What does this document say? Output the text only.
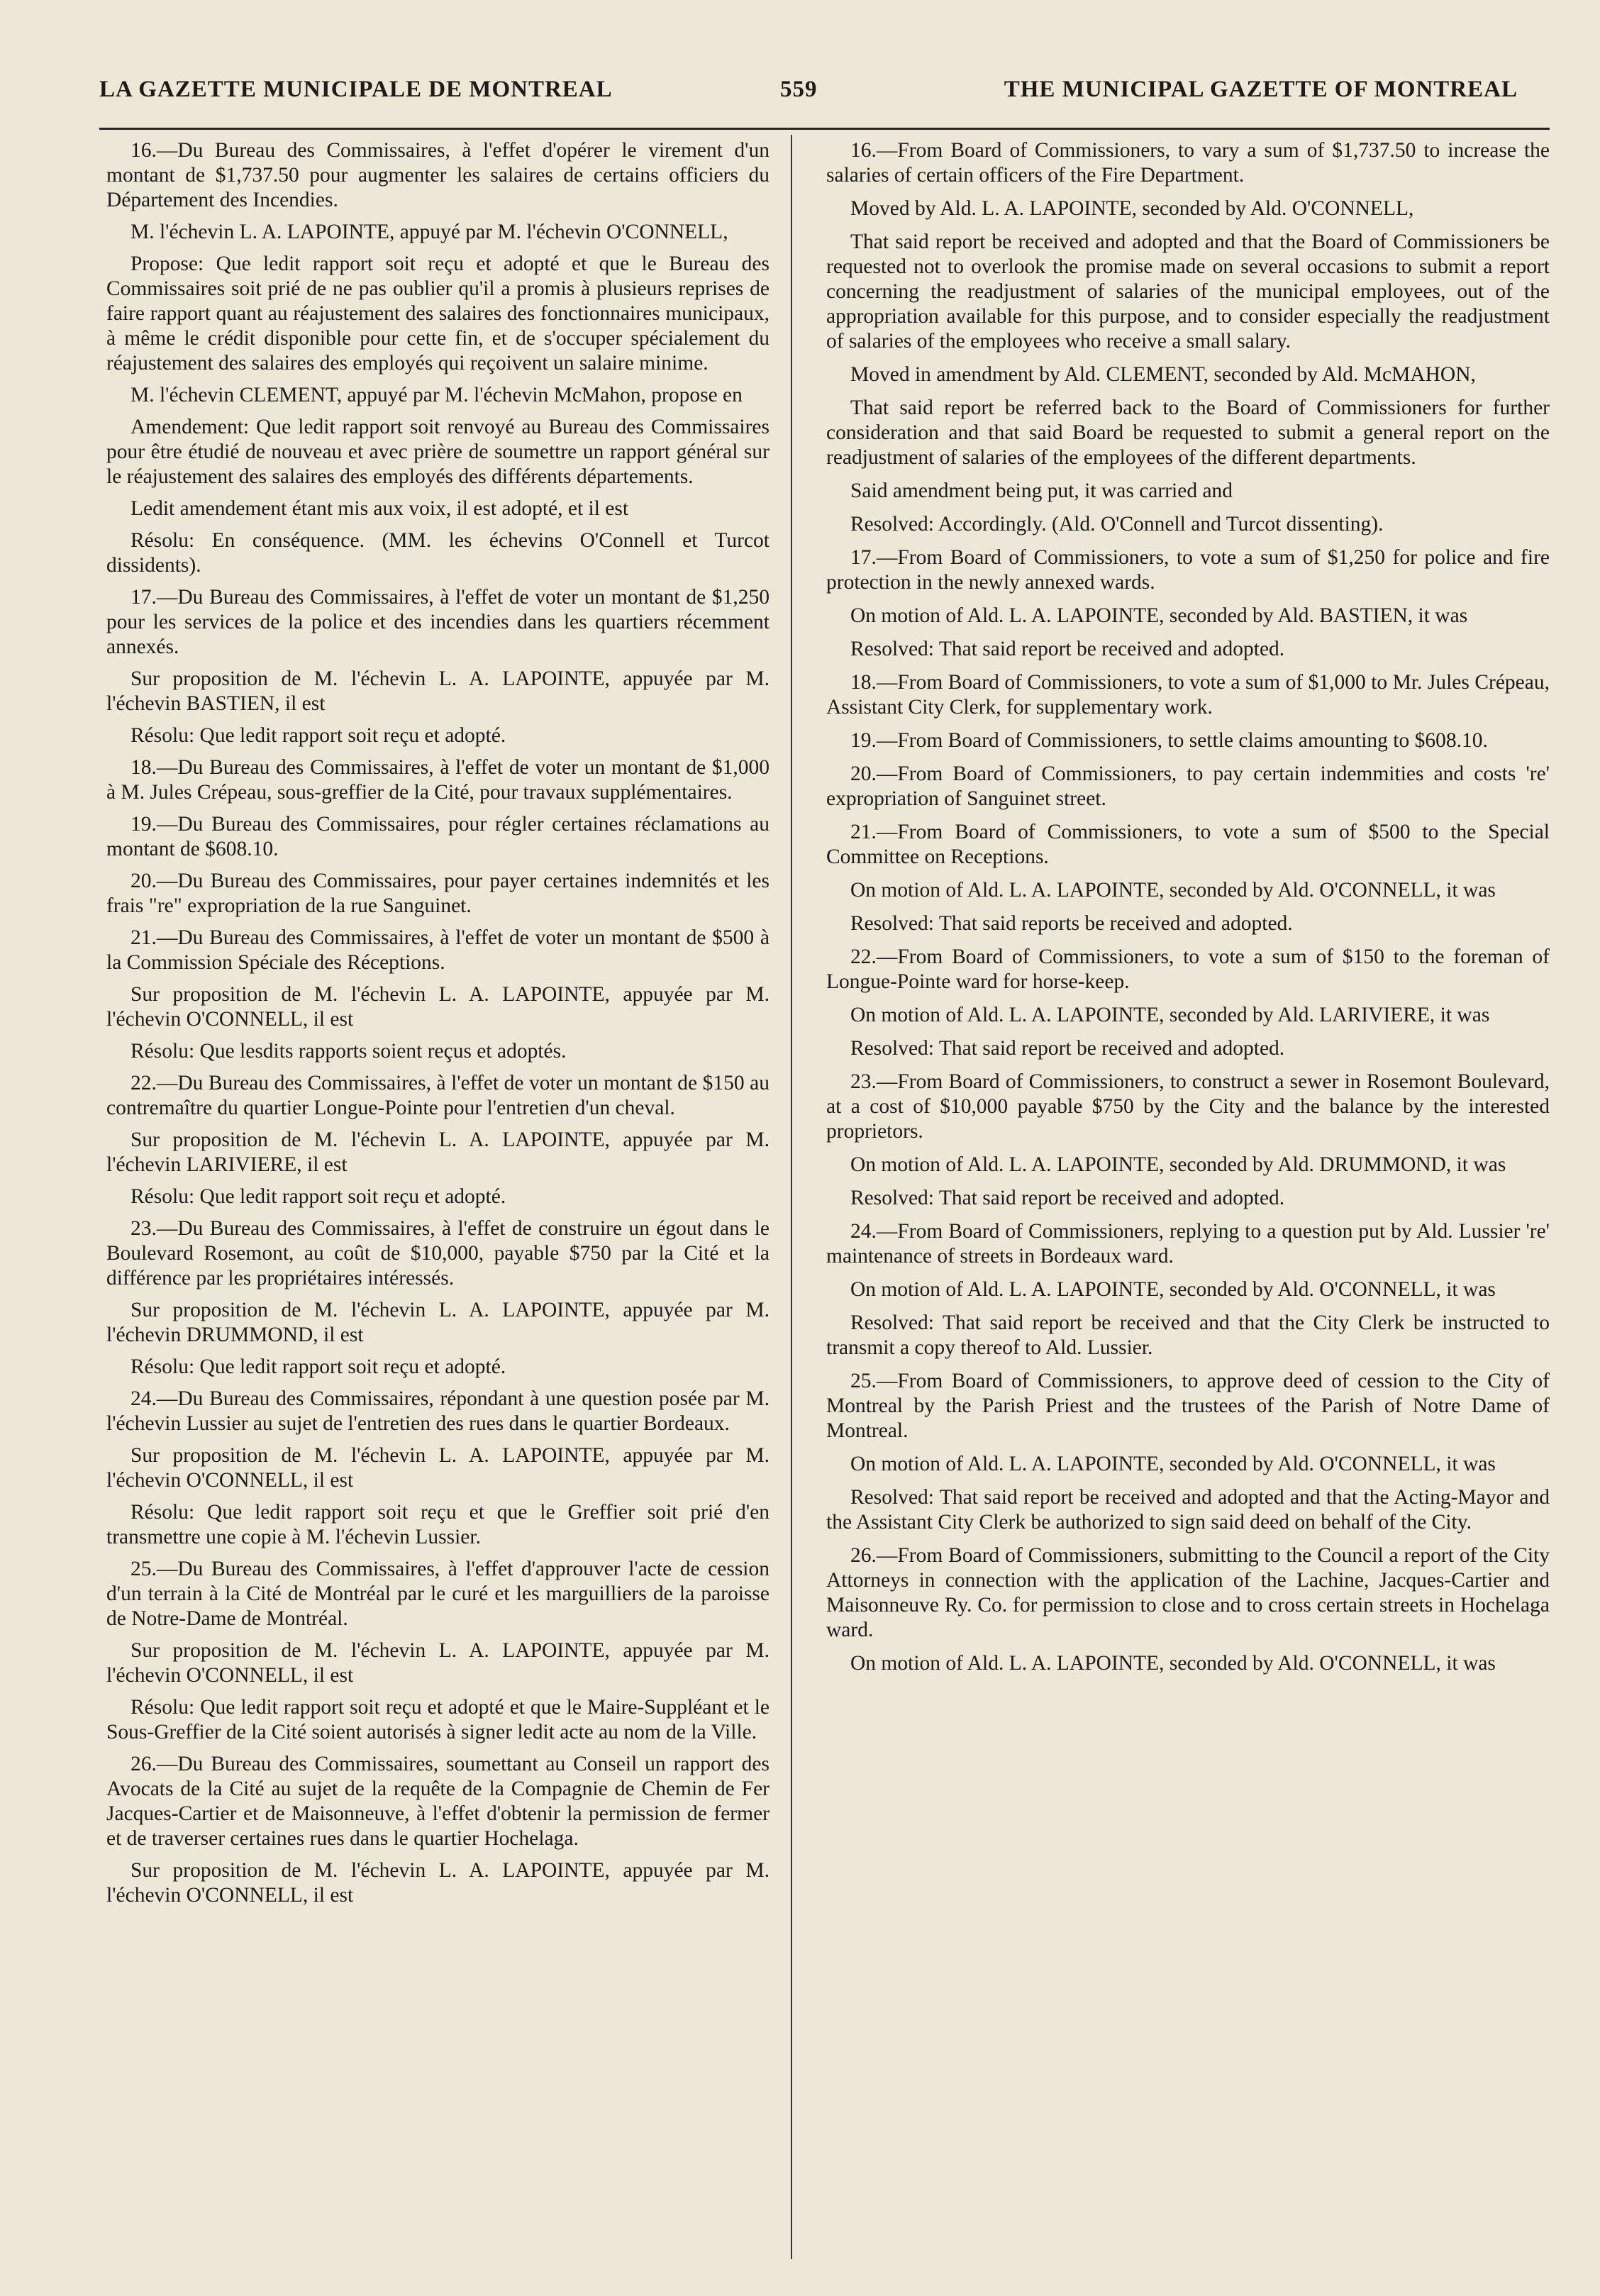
LA GAZETTE MUNICIPALE DE MONTREAL	559	THE MUNICIPAL GAZETTE OF MONTREAL

16.—Du Bureau des Commissaires, à l'effet d'opérer le virement d'un montant de $1,737.50 pour augmenter les salaires de certains officiers du Département des Incendies.

M. l'échevin L. A. LAPOINTE, appuyé par M. l'échevin O'CONNELL,

Propose: Que ledit rapport soit reçu et adopté et que le Bureau des Commissaires soit prié de ne pas oublier qu'il a promis à plusieurs reprises de faire rapport quant au réajustement des salaires des fonctionnaires municipaux, à même le crédit disponible pour cette fin, et de s'occuper spécialement du réajustement des salaires des employés qui reçoivent un salaire minime.

M. l'échevin CLEMENT, appuyé par M. l'échevin McMahon, propose en

Amendement: Que ledit rapport soit renvoyé au Bureau des Commissaires pour être étudié de nouveau et avec prière de soumettre un rapport général sur le réajustement des salaires des employés des différents départements.

Ledit amendement étant mis aux voix, il est adopté, et il est

Résolu: En conséquence. (MM. les échevins O'Connell et Turcot dissidents).

17.—Du Bureau des Commissaires, à l'effet de voter un montant de $1,250 pour les services de la police et des incendies dans les quartiers récemment annexés.

Sur proposition de M. l'échevin L. A. LAPOINTE, appuyée par M. l'échevin BASTIEN, il est

Résolu: Que ledit rapport soit reçu et adopté.

18.—Du Bureau des Commissaires, à l'effet de voter un montant de $1,000 à M. Jules Crépeau, sous-greffier de la Cité, pour travaux supplémentaires.

19.—Du Bureau des Commissaires, pour régler certaines réclamations au montant de $608.10.

20.—Du Bureau des Commissaires, pour payer certaines indemnités et les frais "re" expropriation de la rue Sanguinet.

21.—Du Bureau des Commissaires, à l'effet de voter un montant de $500 à la Commission Spéciale des Réceptions.

Sur proposition de M. l'échevin L. A. LAPOINTE, appuyée par M. l'échevin O'CONNELL, il est

Résolu: Que lesdits rapports soient reçus et adoptés.

22.—Du Bureau des Commissaires, à l'effet de voter un montant de $150 au contremaître du quartier Longue-Pointe pour l'entretien d'un cheval.

Sur proposition de M. l'échevin L. A. LAPOINTE, appuyée par M. l'échevin LARIVIERE, il est

Résolu: Que ledit rapport soit reçu et adopté.

23.—Du Bureau des Commissaires, à l'effet de construire un égout dans le Boulevard Rosemont, au coût de $10,000, payable $750 par la Cité et la différence par les propriétaires intéressés.

Sur proposition de M. l'échevin L. A. LAPOINTE, appuyée par M. l'échevin DRUMMOND, il est

Résolu: Que ledit rapport soit reçu et adopté.

24.—Du Bureau des Commissaires, répondant à une question posée par M. l'échevin Lussier au sujet de l'entretien des rues dans le quartier Bordeaux.

Sur proposition de M. l'échevin L. A. LAPOINTE, appuyée par M. l'échevin O'CONNELL, il est

Résolu: Que ledit rapport soit reçu et que le Greffier soit prié d'en transmettre une copie à M. l'échevin Lussier.

25.—Du Bureau des Commissaires, à l'effet d'approuver l'acte de cession d'un terrain à la Cité de Montréal par le curé et les marguilliers de la paroisse de Notre-Dame de Montréal.

Sur proposition de M. l'échevin L. A. LAPOINTE, appuyée par M. l'échevin O'CONNELL, il est

Résolu: Que ledit rapport soit reçu et adopté et que le Maire-Suppléant et le Sous-Greffier de la Cité soient autorisés à signer ledit acte au nom de la Ville.

26.—Du Bureau des Commissaires, soumettant au Conseil un rapport des Avocats de la Cité au sujet de la requête de la Compagnie de Chemin de Fer Jacques-Cartier et de Maisonneuve, à l'effet d'obtenir la permission de fermer et de traverser certaines rues dans le quartier Hochelaga.

Sur proposition de M. l'échevin L. A. LAPOINTE, appuyée par M. l'échevin O'CONNELL, il est

16.—From Board of Commissioners, to vary a sum of $1,737.50 to increase the salaries of certain officers of the Fire Department.

Moved by Ald. L. A. LAPOINTE, seconded by Ald. O'CONNELL,

That said report be received and adopted and that the Board of Commissioners be requested not to overlook the promise made on several occasions to submit a report concerning the readjustment of salaries of the municipal employees, out of the appropriation available for this purpose, and to consider especially the readjustment of salaries of the employees who receive a small salary.

Moved in amendment by Ald. CLEMENT, seconded by Ald. McMAHON,

That said report be referred back to the Board of Commissioners for further consideration and that said Board be requested to submit a general report on the readjustment of salaries of the employees of the different departments.

Said amendment being put, it was carried and

Resolved: Accordingly. (Ald. O'Connell and Turcot dissenting).

17.—From Board of Commissioners, to vote a sum of $1,250 for police and fire protection in the newly annexed wards.

On motion of Ald. L. A. LAPOINTE, seconded by Ald. BASTIEN, it was

Resolved: That said report be received and adopted.

18.—From Board of Commissioners, to vote a sum of $1,000 to Mr. Jules Crépeau, Assistant City Clerk, for supplementary work.

19.—From Board of Commissioners, to settle claims amounting to $608.10.

20.—From Board of Commissioners, to pay certain indemmities and costs 're' expropriation of Sanguinet street.

21.—From Board of Commissioners, to vote a sum of $500 to the Special Committee on Receptions.

On motion of Ald. L. A. LAPOINTE, seconded by Ald. O'CONNELL, it was

Resolved: That said reports be received and adopted.

22.—From Board of Commissioners, to vote a sum of $150 to the foreman of Longue-Pointe ward for horse-keep.

On motion of Ald. L. A. LAPOINTE, seconded by Ald. LARIVIERE, it was

Resolved: That said report be received and adopted.

23.—From Board of Commissioners, to construct a sewer in Rosemont Boulevard, at a cost of $10,000 payable $750 by the City and the balance by the interested proprietors.

On motion of Ald. L. A. LAPOINTE, seconded by Ald. DRUMMOND, it was

Resolved: That said report be received and adopted.

24.—From Board of Commissioners, replying to a question put by Ald. Lussier 're' maintenance of streets in Bordeaux ward.

On motion of Ald. L. A. LAPOINTE, seconded by Ald. O'CONNELL, it was

Resolved: That said report be received and that the City Clerk be instructed to transmit a copy thereof to Ald. Lussier.

25.—From Board of Commissioners, to approve deed of cession to the City of Montreal by the Parish Priest and the trustees of the Parish of Notre Dame of Montreal.

On motion of Ald. L. A. LAPOINTE, seconded by Ald. O'CONNELL, it was

Resolved: That said report be received and adopted and that the Acting-Mayor and the Assistant City Clerk be authorized to sign said deed on behalf of the City.

26.—From Board of Commissioners, submitting to the Council a report of the City Attorneys in connection with the application of the Lachine, Jacques-Cartier and Maisonneuve Ry. Co. for permission to close and to cross certain streets in Hochelaga ward.

On motion of Ald. L. A. LAPOINTE, seconded by Ald. O'CONNELL, it was
